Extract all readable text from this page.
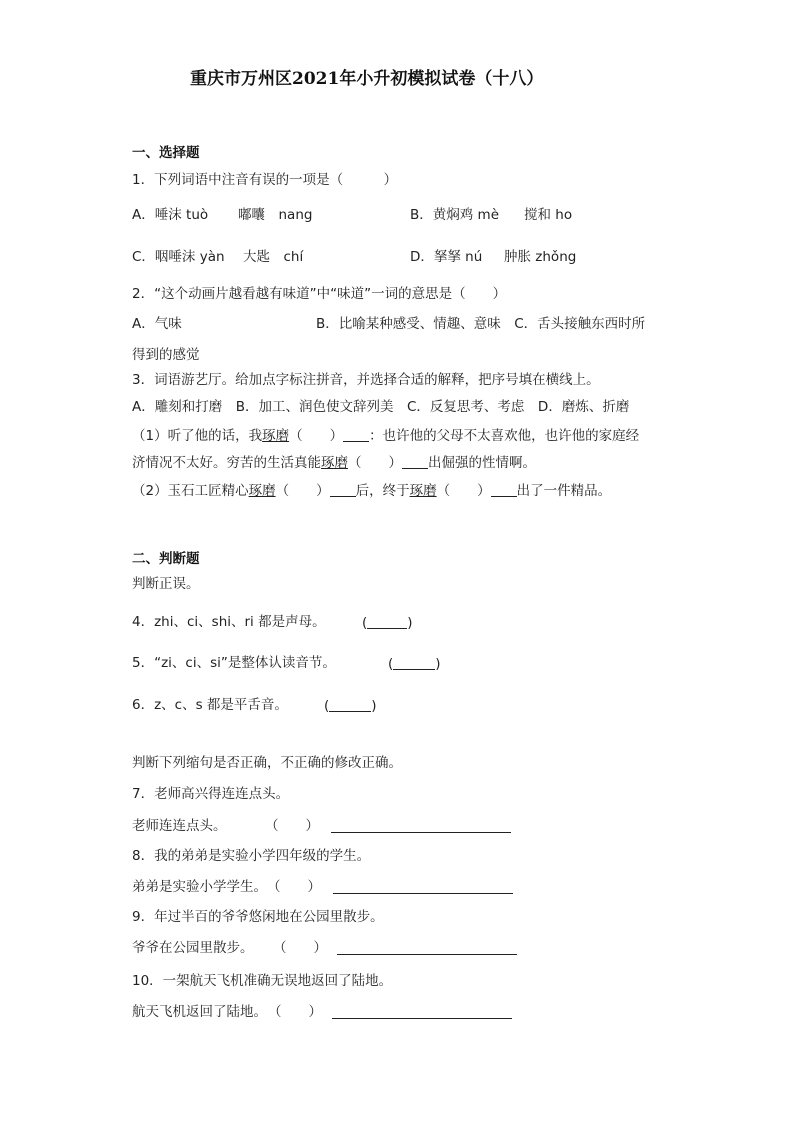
重庆市万州区2021年小升初模拟试卷（十八）
一、选择题
1．下列词语中注音有误的一项是（　　　）
A．唾沫 tuò 嘟囔　nang	B．黄焖鸡 mè 搅和 ho
C．咽唾沫 yàn 大匙　chí	D．拏拏 nú 肿胀 zhǒng
2．“这个动画片越看越有味道”中“味道”一词的意思是（　　）
A．气味	B．比喻某种感受、情趣、意味　C．舌头接触东西时所
得到的感觉
3．词语游艺厅。给加点字标注拼音，并选择合适的解释，把序号填在横线上。
A．雕刻和打磨　B．加工、润色使文辞列美　C．反复思考、考虑　D．磨炼、折磨
（1）听了他的话，我琢磨（　　） ：也许他的父母不太喜欢他，也许他的家庭经
济情况不太好。穷苦的生活真能琢磨（　　） 出倔强的性情啊。
（2）玉石工匠精心琢磨（　　） 后，终于琢磨（　　） 出了一件精品。
二、判断题
判断正误。
4．zhi、ci、shi、ri 都是声母。	(	)
5．“zi、ci、si”是整体认读音节。	(	)
6．z、c、s 都是平舌音。	(	)
判断下列缩句是否正确，不正确的修改正确。
7．老师高兴得连连点头。
老师连连点头。	（　　）
8．我的弟弟是实验小学四年级的学生。
弟弟是实验小学学生。 （　　）
9．年过半百的爷爷悠闲地在公园里散步。
爷爷在公园里散步。 （　　）
10．一架航天飞机准确无误地返回了陆地。
航天飞机返回了陆地。 （　　）
